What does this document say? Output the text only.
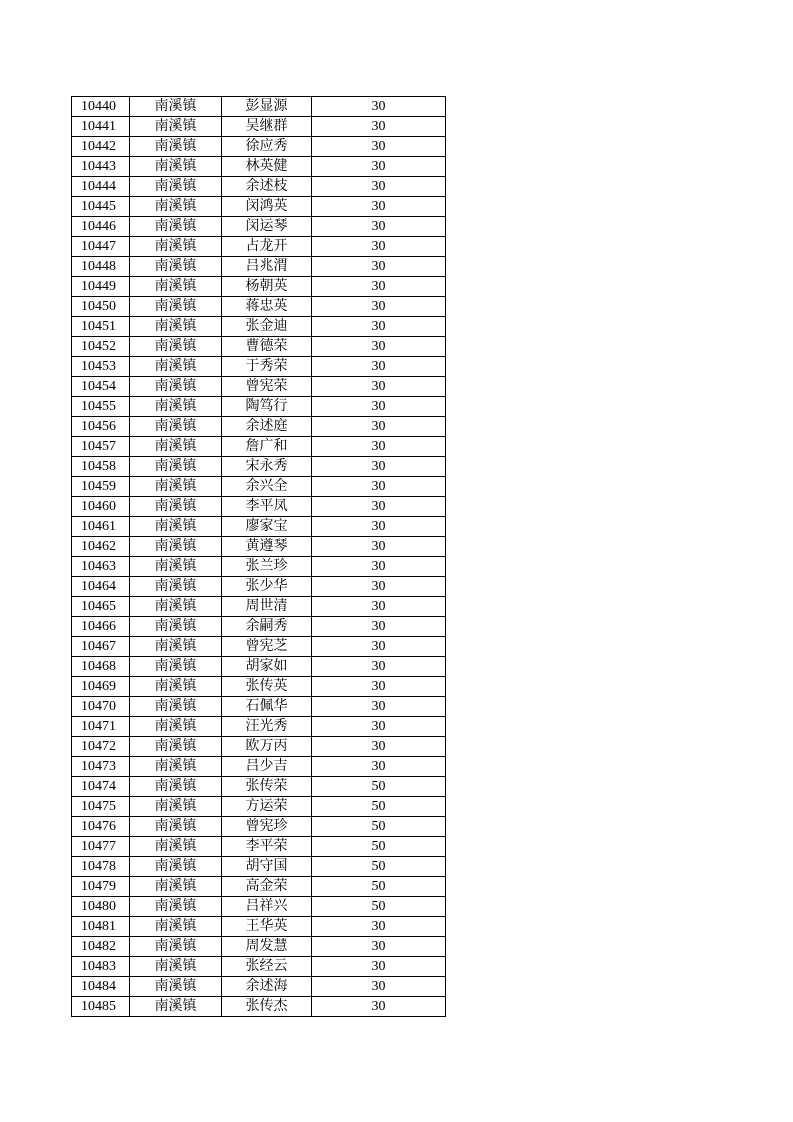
10440	南溪镇	彭显源	30
10441	南溪镇	吴继群	30
10442	南溪镇	徐应秀	30
10443	南溪镇	林英健	30
10444	南溪镇	余述枝	30
10445	南溪镇	闵鸿英	30
10446	南溪镇	闵运琴	30
10447	南溪镇	占龙开	30
10448	南溪镇	吕兆渭	30
10449	南溪镇	杨朝英	30
10450	南溪镇	蒋忠英	30
10451	南溪镇	张金迪	30
10452	南溪镇	曹德荣	30
10453	南溪镇	于秀荣	30
10454	南溪镇	曾宪荣	30
10455	南溪镇	陶笃行	30
10456	南溪镇	余述庭	30
10457	南溪镇	詹广和	30
10458	南溪镇	宋永秀	30
10459	南溪镇	余兴全	30
10460	南溪镇	李平凤	30
10461	南溪镇	廖家宝	30
10462	南溪镇	黄遵琴	30
10463	南溪镇	张兰珍	30
10464	南溪镇	张少华	30
10465	南溪镇	周世清	30
10466	南溪镇	余嗣秀	30
10467	南溪镇	曾宪芝	30
10468	南溪镇	胡家如	30
10469	南溪镇	张传英	30
10470	南溪镇	石佩华	30
10471	南溪镇	汪光秀	30
10472	南溪镇	欧万丙	30
10473	南溪镇	吕少吉	30
10474	南溪镇	张传荣	50
10475	南溪镇	方运荣	50
10476	南溪镇	曾宪珍	50
10477	南溪镇	李平荣	50
10478	南溪镇	胡守国	50
10479	南溪镇	高金荣	50
10480	南溪镇	吕祥兴	50
10481	南溪镇	王华英	30
10482	南溪镇	周发慧	30
10483	南溪镇	张经云	30
10484	南溪镇	余述海	30
10485	南溪镇	张传杰	30
